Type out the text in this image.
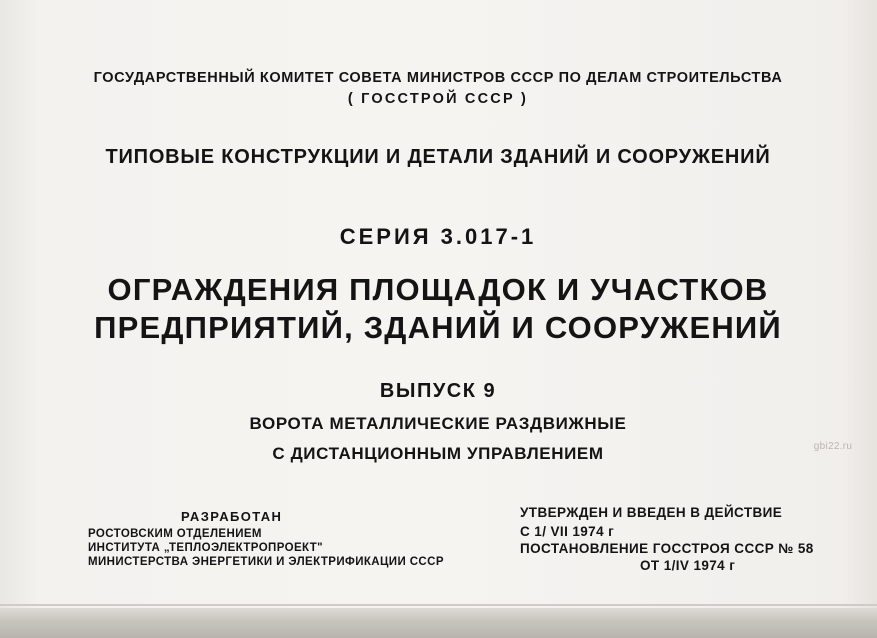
ГОСУДАРСТВЕННЫЙ КОМИТЕТ СОВЕТА МИНИСТРОВ СССР ПО ДЕЛАМ СТРОИТЕЛЬСТВА
( ГОССТРОЙ СССР )
ТИПОВЫЕ КОНСТРУКЦИИ И ДЕТАЛИ ЗДАНИЙ И СООРУЖЕНИЙ
СЕРИЯ 3.017-1
ОГРАЖДЕНИЯ ПЛОЩАДОК И УЧАСТКОВ
ПРЕДПРИЯТИЙ, ЗДАНИЙ И СООРУЖЕНИЙ
ВЫПУСК 9
ВОРОТА МЕТАЛЛИЧЕСКИЕ РАЗДВИЖНЫЕ
С ДИСТАНЦИОННЫМ УПРАВЛЕНИЕМ
РАЗРАБОТАН
РОСТОВСКИМ ОТДЕЛЕНИЕМ
ИНСТИТУТА „ТЕПЛОЭЛЕКТРОПРОЕКТ"
МИНИСТЕРСТВА ЭНЕРГЕТИКИ И ЭЛЕКТРИФИКАЦИИ СССР
УТВЕРЖДЕН И ВВЕДЕН В ДЕЙСТВИЕ
С 1/ VII 1974 г
ПОСТАНОВЛЕНИЕ ГОССТРОЯ СССР № 58
ОТ 1/IV 1974 г
gbi22.ru
